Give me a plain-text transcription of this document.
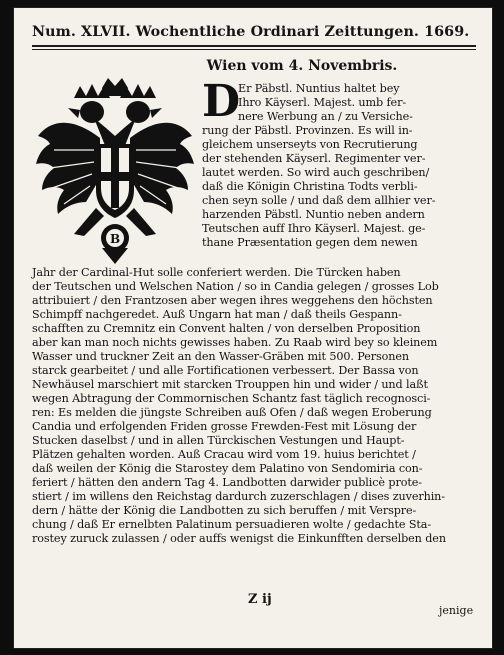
Num. XLVII. Wochentliche Ordinari Zeittungen. 1669.
Wien vom 4. Novembris.
B
D
Er Päbstl. Nuntius haltet bey
Ihro Käyserl. Majest. umb fer-
nere Werbung an / zu Versiche-
rung der Päbstl. Provinzen. Es will in-
gleichem unserseyts von Recrutierung
der stehenden Käyserl. Regimenter ver-
lautet werden. So wird auch geschriben/
daß die Königin Christina Todts verbli-
chen seyn solle / und daß dem allhier ver-
harzenden Päbstl. Nuntio neben andern
Teutschen auff Ihro Käyserl. Majest. ge-
thane Præsentation gegen dem newen
Jahr der Cardinal-Hut solle conferiert werden. Die Türcken haben
der Teutschen und Welschen Nation / so in Candia gelegen / grosses Lob
attribuiert / den Frantzosen aber wegen ihres weggehens den höchsten
Schimpff nachgeredet. Auß Ungarn hat man / daß theils Gespann-
schafften zu Cremnitz ein Convent halten / von derselben Proposition
aber kan man noch nichts gewisses haben. Zu Raab wird bey so kleinem
Wasser und truckner Zeit an den Wasser-Gräben mit 500. Personen
starck gearbeitet / und alle Fortificationen verbessert. Der Bassa von
Newhäusel marschiert mit starcken Trouppen hin und wider / und laßt
wegen Abtragung der Commornischen Schantz fast täglich recognosci-
ren: Es melden die jüngste Schreiben auß Ofen / daß wegen Eroberung
Candia und erfolgenden Friden grosse Frewden-Fest mit Lösung der
Stucken daselbst / und in allen Türckischen Vestungen und Haupt-
Plätzen gehalten worden. Auß Cracau wird vom 19. huius berichtet /
daß weilen der König die Starostey dem Palatino von Sendomiria con-
feriert / hätten den andern Tag 4. Landbotten darwider publicè prote-
stiert / im willens den Reichstag dardurch zuzerschlagen / dises zuverhin-
dern / hätte der König die Landbotten zu sich beruffen / mit Verspre-
chung / daß Er ernelbten Palatinum persuadieren wolte / gedachte Sta-
rostey zuruck zulassen / oder auffs wenigst die Einkunfften derselben den
Z ij
jenige
